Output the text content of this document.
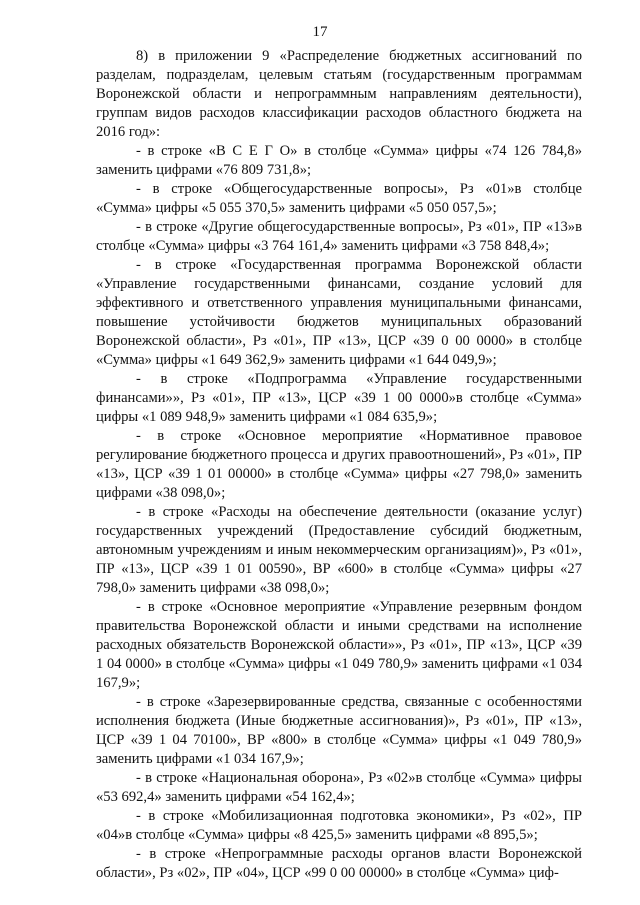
17

8) в приложении 9 «Распределение бюджетных ассигнований по разделам, подразделам, целевым статьям (государственным программам Воронежской области и непрограммным направлениям деятельности), группам видов расходов классификации расходов областного бюджета на 2016 год»:

- в строке «В С Е Г О» в столбце «Сумма» цифры «74 126 784,8» заменить цифрами «76 809 731,8»;

- в строке «Общегосударственные вопросы», Рз «01»в столбце «Сумма» цифры «5 055 370,5» заменить цифрами «5 050 057,5»;

- в строке «Другие общегосударственные вопросы», Рз «01», ПР «13»в столбце «Сумма» цифры «3 764 161,4» заменить цифрами «3 758 848,4»;

- в строке «Государственная программа Воронежской области «Управление государственными финансами, создание условий для эффективного и ответственного управления муниципальными финансами, повышение устойчивости бюджетов муниципальных образований Воронежской области», Рз «01», ПР «13», ЦСР «39 0 00 0000» в столбце «Сумма» цифры «1 649 362,9» заменить цифрами «1 644 049,9»;

- в строке «Подпрограмма «Управление государственными финансами»», Рз «01», ПР «13», ЦСР «39 1 00 0000»в столбце «Сумма» цифры «1 089 948,9» заменить цифрами «1 084 635,9»;

- в строке «Основное мероприятие «Нормативное правовое регулирование бюджетного процесса и других правоотношений», Рз «01», ПР «13», ЦСР «39 1 01 00000» в столбце «Сумма» цифры «27 798,0» заменить цифрами «38 098,0»;

- в строке «Расходы на обеспечение деятельности (оказание услуг) государственных учреждений (Предоставление субсидий бюджетным, автономным учреждениям и иным некоммерческим организациям)», Рз «01», ПР «13», ЦСР «39 1 01 00590», ВР «600» в столбце «Сумма» цифры «27 798,0» заменить цифрами «38 098,0»;

- в строке «Основное мероприятие «Управление резервным фондом правительства Воронежской области и иными средствами на исполнение расходных обязательств Воронежской области»», Рз «01», ПР «13», ЦСР «39 1 04 0000» в столбце «Сумма» цифры «1 049 780,9» заменить цифрами «1 034 167,9»;

- в строке «Зарезервированные средства, связанные с особенностями исполнения бюджета (Иные бюджетные ассигнования)», Рз «01», ПР «13», ЦСР «39 1 04 70100», ВР «800» в столбце «Сумма» цифры «1 049 780,9» заменить цифрами «1 034 167,9»;

- в строке «Национальная оборона», Рз «02»в столбце «Сумма» цифры «53 692,4» заменить цифрами «54 162,4»;

- в строке «Мобилизационная подготовка экономики», Рз «02», ПР «04»в столбце «Сумма» цифры «8 425,5» заменить цифрами «8 895,5»;

- в строке «Непрограммные расходы органов власти Воронежской области», Рз «02», ПР «04», ЦСР «99 0 00 00000» в столбце «Сумма» циф-
